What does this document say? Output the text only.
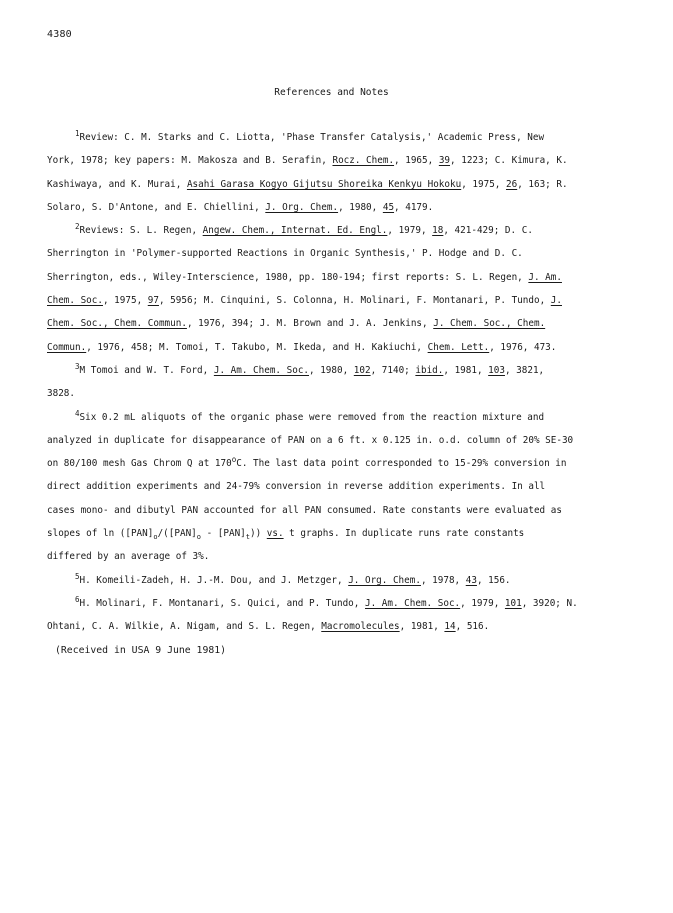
4380
References and Notes
$^1$Review: C. M. Starks and C. Liotta, 'Phase Transfer Catalysis,' Academic Press, New
York, 1978; key papers: M. Makosza and B. Serafin, Rocz. Chem., 1965, 39, 1223; C. Kimura, K.
Kashiwaya, and K. Murai, Asahi Garasa Kogyo Gijutsu Shoreika Kenkyu Hokoku, 1975, 26, 163; R.
Solaro, S. D'Antone, and E. Chiellini, J. Org. Chem., 1980, 45, 4179.
$^2$Reviews: S. L. Regen, Angew. Chem., Internat. Ed. Engl., 1979, 18, 421-429; D. C.
Sherrington in 'Polymer-supported Reactions in Organic Synthesis,' P. Hodge and D. C.
Sherrington, eds., Wiley-Interscience, 1980, pp. 180-194; first reports: S. L. Regen, J. Am.
Chem. Soc., 1975, 97, 5956; M. Cinquini, S. Colonna, H. Molinari, F. Montanari, P. Tundo, J.
Chem. Soc., Chem. Commun., 1976, 394; J. M. Brown and J. A. Jenkins, J. Chem. Soc., Chem.
Commun., 1976, 458; M. Tomoi, T. Takubo, M. Ikeda, and H. Kakiuchi, Chem. Lett., 1976, 473.
$^3$M Tomoi and W. T. Ford, J. Am. Chem. Soc., 1980, 102, 7140; ibid., 1981, 103, 3821,
3828.
$^4$Six 0.2 mL aliquots of the organic phase were removed from the reaction mixture and
analyzed in duplicate for disappearance of PAN on a 6 ft. x 0.125 in. o.d. column of 20% SE-30
on 80/100 mesh Gas Chrom Q at 170$^o$C. The last data point corresponded to 15-29% conversion in
direct addition experiments and 24-79% conversion in reverse addition experiments. In all
cases mono- and dibutyl PAN accounted for all PAN consumed. Rate constants were evaluated as
slopes of $\ln ([PAN]_o/([PAN]_o - [PAN]_t))$ vs. t graphs. In duplicate runs rate constants
differed by an average of 3%.
$^5$H. Komeili-Zadeh, H. J.-M. Dou, and J. Metzger, J. Org. Chem., 1978, 43, 156.
$^6$H. Molinari, F. Montanari, S. Quici, and P. Tundo, J. Am. Chem. Soc., 1979, 101, 3920; N.
Ohtani, C. A. Wilkie, A. Nigam, and S. L. Regen, Macromolecules, 1981, 14, 516.
(Received in USA 9 June 1981)
